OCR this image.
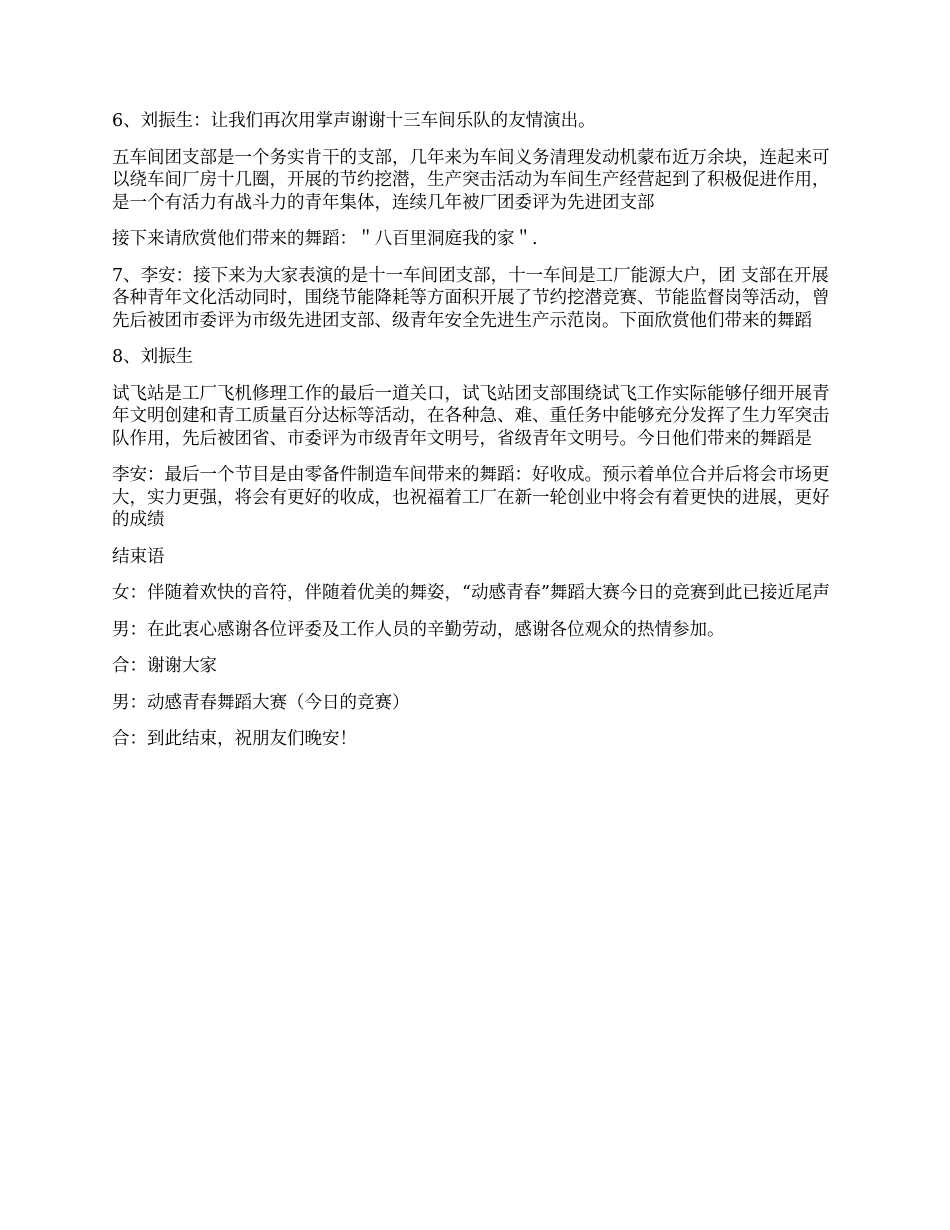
6、刘振生：让我们再次用掌声谢谢十三车间乐队的友情演出。

五车间团支部是一个务实肯干的支部，几年来为车间义务清理发动机蒙布近万余块，连起来可以绕车间厂房十几圈，开展的节约挖潜，生产突击活动为车间生产经营起到了积极促进作用，是一个有活力有战斗力的青年集体，连续几年被厂团委评为先进团支部

接下来请欣赏他们带来的舞蹈：＂八百里洞庭我的家＂.

7、李安：接下来为大家表演的是十一车间团支部，十一车间是工厂能源大户，团 支部在开展各种青年文化活动同时，围绕节能降耗等方面积开展了节约挖潜竞赛、节能监督岗等活动，曾先后被团市委评为市级先进团支部、级青年安全先进生产示范岗。下面欣赏他们带来的舞蹈

8、刘振生

试飞站是工厂飞机修理工作的最后一道关口，试飞站团支部围绕试飞工作实际能够仔细开展青年文明创建和青工质量百分达标等活动，在各种急、难、重任务中能够充分发挥了生力军突击队作用，先后被团省、市委评为市级青年文明号，省级青年文明号。今日他们带来的舞蹈是

李安：最后一个节目是由零备件制造车间带来的舞蹈：好收成。预示着单位合并后将会市场更大，实力更强，将会有更好的收成，也祝福着工厂在新一轮创业中将会有着更快的进展，更好的成绩

结束语

女：伴随着欢快的音符，伴随着优美的舞姿，“动感青春”舞蹈大赛今日的竞赛到此已接近尾声

男：在此衷心感谢各位评委及工作人员的辛勤劳动，感谢各位观众的热情参加。

合：谢谢大家

男：动感青春舞蹈大赛（今日的竞赛）

合：到此结束，祝朋友们晚安！
